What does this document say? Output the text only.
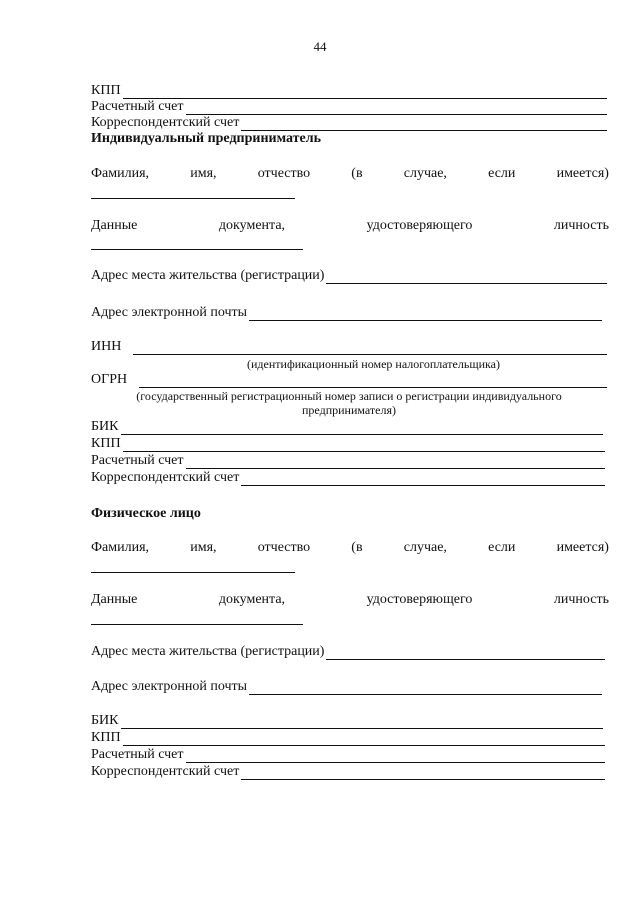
44
КПП
Расчетный счет
Корреспондентский счет
Индивидуальный предприниматель
Фамилия,	имя,	отчество	(в	случае,	если	имеется)
Данные	документа,	удостоверяющего	личность
Адрес места жительства (регистрации)
Адрес электронной почты
ИНН
(идентификационный номер налогоплательщика)
ОГРН
(государственный регистрационный номер записи о регистрации индивидуального
предпринимателя)
БИК
КПП
Расчетный счет
Корреспондентский счет
Физическое лицо
Фамилия,	имя,	отчество	(в	случае,	если	имеется)
Данные	документа,	удостоверяющего	личность
Адрес места жительства (регистрации)
Адрес электронной почты
БИК
КПП
Расчетный счет
Корреспондентский счет
